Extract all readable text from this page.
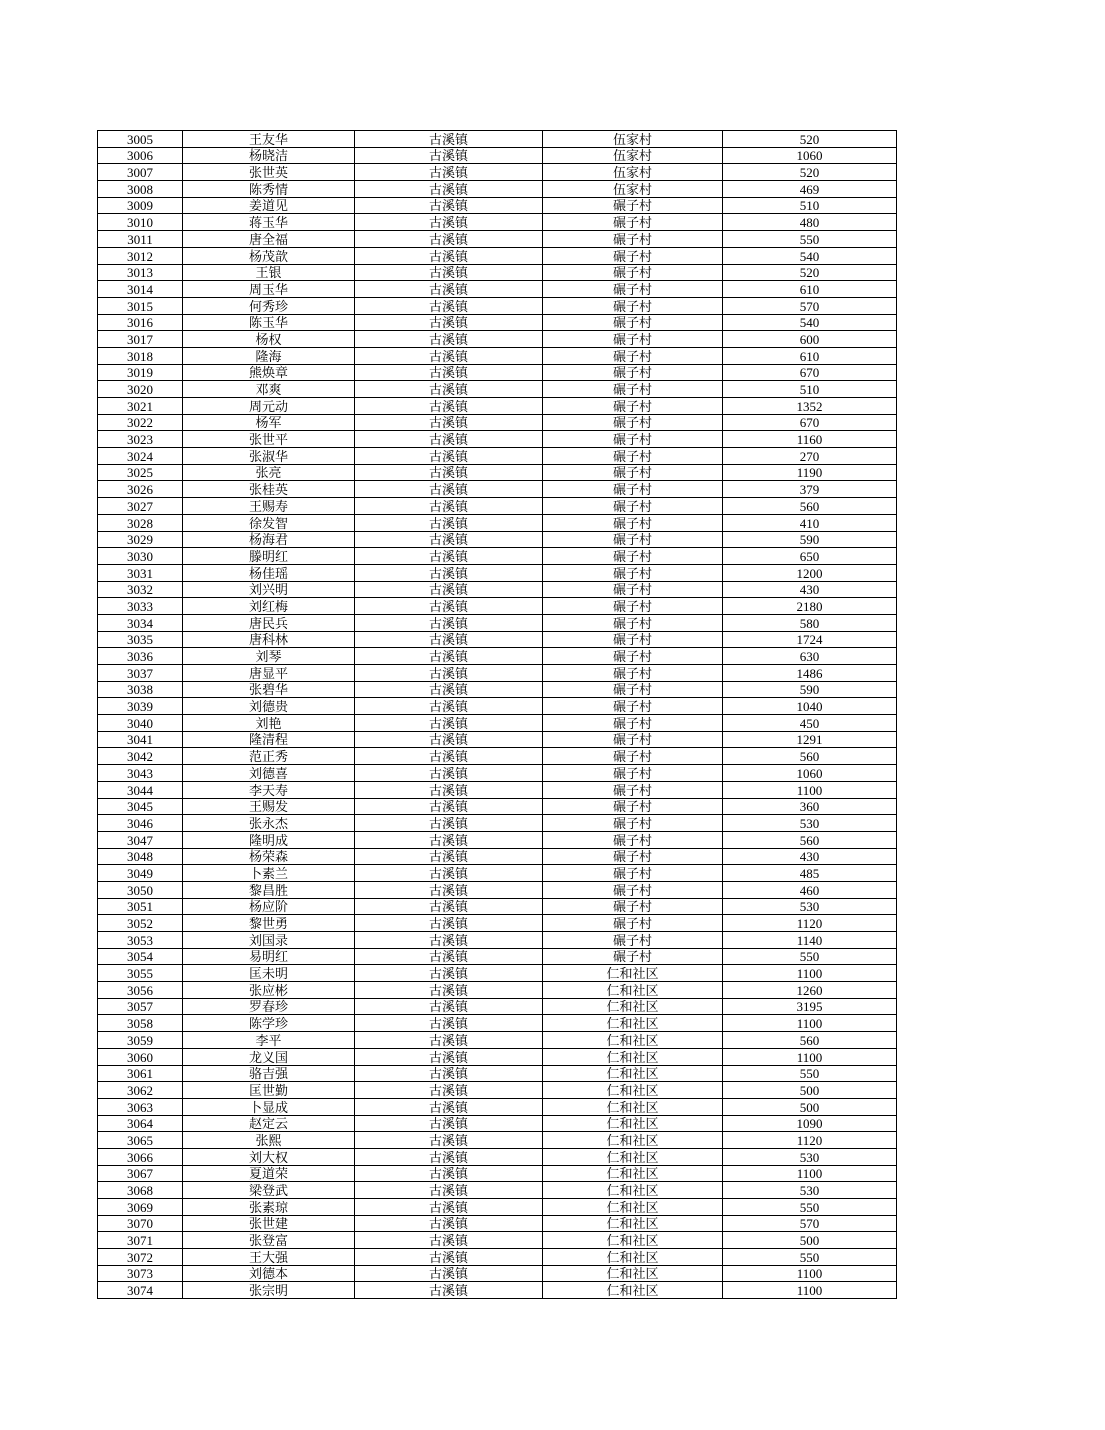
3005	王友华	古溪镇	伍家村	520
3006	杨晓洁	古溪镇	伍家村	1060
3007	张世英	古溪镇	伍家村	520
3008	陈秀情	古溪镇	伍家村	469
3009	姜道见	古溪镇	碾子村	510
3010	蒋玉华	古溪镇	碾子村	480
3011	唐全福	古溪镇	碾子村	550
3012	杨茂歆	古溪镇	碾子村	540
3013	王银	古溪镇	碾子村	520
3014	周玉华	古溪镇	碾子村	610
3015	何秀珍	古溪镇	碾子村	570
3016	陈玉华	古溪镇	碾子村	540
3017	杨权	古溪镇	碾子村	600
3018	隆海	古溪镇	碾子村	610
3019	熊焕章	古溪镇	碾子村	670
3020	邓爽	古溪镇	碾子村	510
3021	周元动	古溪镇	碾子村	1352
3022	杨军	古溪镇	碾子村	670
3023	张世平	古溪镇	碾子村	1160
3024	张淑华	古溪镇	碾子村	270
3025	张亮	古溪镇	碾子村	1190
3026	张桂英	古溪镇	碾子村	379
3027	王赐寿	古溪镇	碾子村	560
3028	徐发智	古溪镇	碾子村	410
3029	杨海君	古溪镇	碾子村	590
3030	滕明红	古溪镇	碾子村	650
3031	杨佳瑶	古溪镇	碾子村	1200
3032	刘兴明	古溪镇	碾子村	430
3033	刘红梅	古溪镇	碾子村	2180
3034	唐民兵	古溪镇	碾子村	580
3035	唐科林	古溪镇	碾子村	1724
3036	刘琴	古溪镇	碾子村	630
3037	唐显平	古溪镇	碾子村	1486
3038	张碧华	古溪镇	碾子村	590
3039	刘德贵	古溪镇	碾子村	1040
3040	刘艳	古溪镇	碾子村	450
3041	隆清程	古溪镇	碾子村	1291
3042	范正秀	古溪镇	碾子村	560
3043	刘德喜	古溪镇	碾子村	1060
3044	李天寿	古溪镇	碾子村	1100
3045	王赐发	古溪镇	碾子村	360
3046	张永杰	古溪镇	碾子村	530
3047	隆明成	古溪镇	碾子村	560
3048	杨荣森	古溪镇	碾子村	430
3049	卜素兰	古溪镇	碾子村	485
3050	黎昌胜	古溪镇	碾子村	460
3051	杨应阶	古溪镇	碾子村	530
3052	黎世勇	古溪镇	碾子村	1120
3053	刘国录	古溪镇	碾子村	1140
3054	易明红	古溪镇	碾子村	550
3055	匡未明	古溪镇	仁和社区	1100
3056	张应彬	古溪镇	仁和社区	1260
3057	罗春珍	古溪镇	仁和社区	3195
3058	陈学珍	古溪镇	仁和社区	1100
3059	李平	古溪镇	仁和社区	560
3060	龙义国	古溪镇	仁和社区	1100
3061	骆吉强	古溪镇	仁和社区	550
3062	匡世勤	古溪镇	仁和社区	500
3063	卜显成	古溪镇	仁和社区	500
3064	赵定云	古溪镇	仁和社区	1090
3065	张熙	古溪镇	仁和社区	1120
3066	刘大权	古溪镇	仁和社区	530
3067	夏道荣	古溪镇	仁和社区	1100
3068	梁登武	古溪镇	仁和社区	530
3069	张素琼	古溪镇	仁和社区	550
3070	张世建	古溪镇	仁和社区	570
3071	张登富	古溪镇	仁和社区	500
3072	王大强	古溪镇	仁和社区	550
3073	刘德本	古溪镇	仁和社区	1100
3074	张宗明	古溪镇	仁和社区	1100
